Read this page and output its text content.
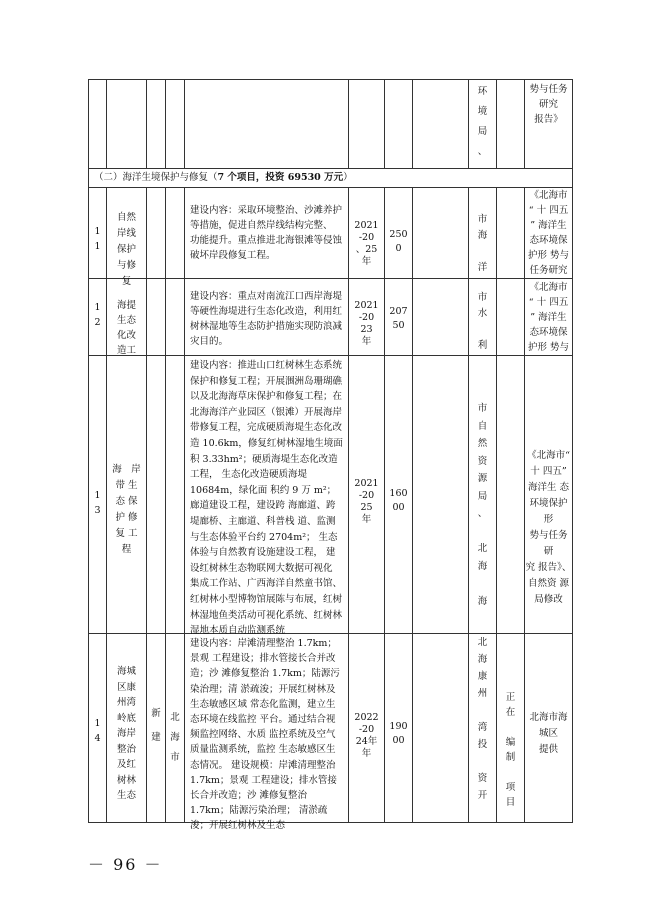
环
境
局
、
势与任务
研究
报告》
（二）海洋生境保护与修复（7 个项目，投资 69530 万元）
1
1
自然
岸线
保护
与修
复
建设内容：采取环境整治、沙滩养护 等措施，促进自然岸线结构完整、 功能提升。重点推进北海银滩等侵蚀 破坏岸段修复工程。
2021
-20
、25
年
250
0
市
海

洋
《北海市
“ 十 四五
” 海洋生
态环境保
护形 势与
任务研究
1
2
海提
生态
化改
造工
建设内容：重点对南流江口西岸海堤 等硬性海堤进行生态化改造，利用红 树林湿地等生态防护措施实现防浪减 灾目的。
2021
-20
23
年
207
50
市
水

利
《北海市
“ 十 四五
” 海洋生
态环境保
护形 势与
1
3
海　岸
带 生
态 保
护 修
复 工
程
建设内容：推进山口红树林生态系统 保护和修复工程；开展涠洲岛珊瑚礁 以及北海海草床保护和修复工程；在 北海海洋产业园区（银滩）开展海岸 带修复工程，完成硬质海堤生态化改 造 10.6km，修复红树林湿地生境面积 3.33hm²；硬质海堤生态化改造工程， 生态化改造硬质海堤 10684m，绿化面 积约 9 万 m²；廊道建设工程，建设跨 海廊道、跨堤廊桥、主廊道、科普栈 道、监测与生态体验平台约 2704m²； 生态体验与自然教育设施建设工程， 建设红树林生态物联网大数据可视化 集成工作站、广西海洋自然童书馆、 红树林小型博物馆展陈与布展，红树林湿地鱼类活动可视化系统、红树林 湿地本质自动监测系统
2021
-20
25
年
160
00
市
自
然
资
源
局
、

北
海

海
《北海市“
十 四五”
海洋生 态
环境保护形
势与任务研
究 报告》、
自然资 源
局修改
1
4
海城
区康
州湾
岭底
海岸
整治
及红
树林
生态
新

建
北
海
市
建设内容：岸滩清理整治 1.7km；景观 工程建设；排水管接长合并改造；沙 滩修复整治 1.7km；陆源污染治理；清 淤疏浚；开展红树林及生态敏感区域 常态化监测，建立生态环境在线监控 平台。通过结合视频监控网络、水质 监控系统及空气质量监测系统，监控 生态敏感区生态情况。 建设规模：岸滩清理整治 1.7km；景观 工程建设；排水管接长合并改造；沙 滩修复整治 1.7km；陆源污染治理； 清淤疏浚；开展红树林及生态
2022
-20
24年
年
190
00
北
海
康
州

湾
投

资
开
正
在

编
制

项
目
北海市海
城区
提供
－ 96 －
